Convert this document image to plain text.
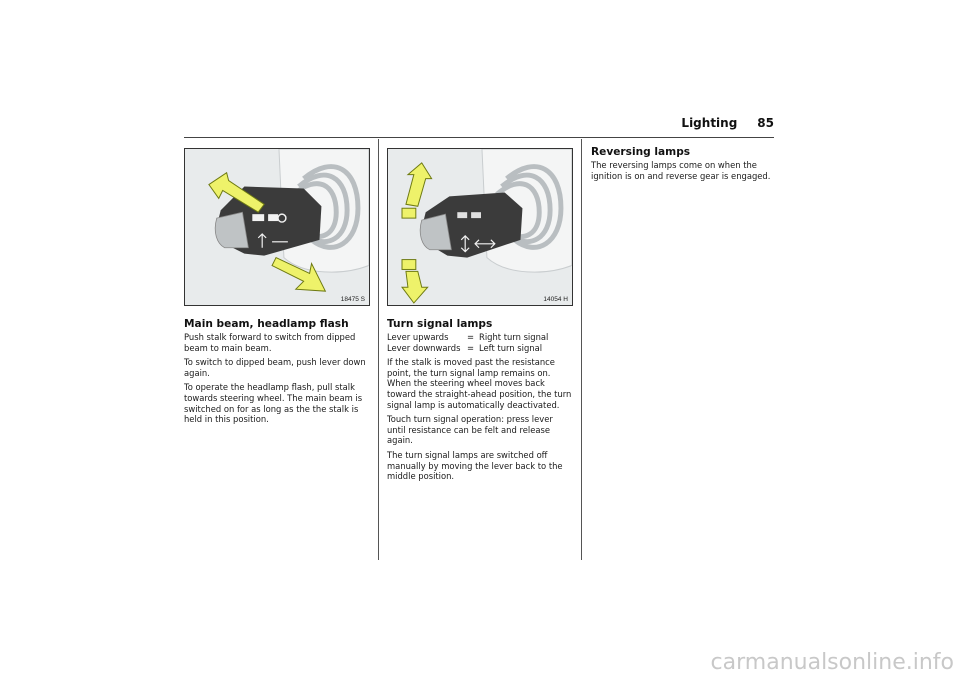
Lighting 85
18475 S	14054 H
Main beam, headlamp flash

Push stalk forward to switch from dipped beam to main beam.

To switch to dipped beam, push lever down again.

To operate the headlamp flash, pull stalk towards steering wheel. The main beam is switched on for as long as the the stalk is held in this position.

Turn signal lamps
Lever upwards	= Right turn signal
Lever downwards = Left turn signal

If the stalk is moved past the resistance point, the turn signal lamp remains on. When the steering wheel moves back toward the straight-ahead position, the turn signal lamp is automatically deactivated.

Touch turn signal operation: press lever until resistance can be felt and release again.

The turn signal lamps are switched off manually by moving the lever back to the middle position.

Reversing lamps

The reversing lamps come on when the ignition is on and reverse gear is engaged.

carmanualsonline.info
